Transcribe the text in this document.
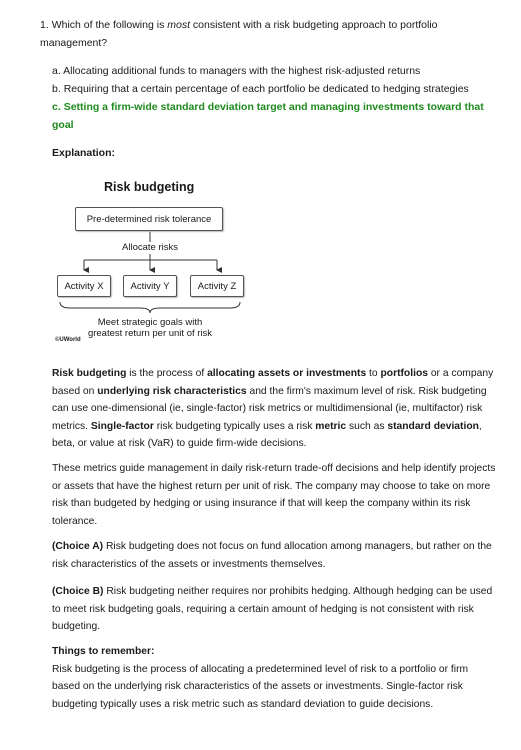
1. Which of the following is most consistent with a risk budgeting approach to portfolio management?

a. Allocating additional funds to managers with the highest risk-adjusted returns

b. Requiring that a certain percentage of each portfolio be dedicated to hedging strategies

c. Setting a firm-wide standard deviation target and managing investments toward that goal

Explanation:
Risk budgeting
Pre-determined risk tolerance
Allocate risks
Activity X	Activity Y	Activity Z
Meet strategic goals with
greatest return per unit of risk
©UWorld
Risk budgeting is the process of allocating assets or investments to portfolios or a company based on underlying risk characteristics and the firm's maximum level of risk. Risk budgeting can use one-dimensional (ie, single-factor) risk metrics or multidimensional (ie, multifactor) risk metrics. Single-factor risk budgeting typically uses a risk metric such as standard deviation, beta, or value at risk (VaR) to guide firm-wide decisions.
These metrics guide management in daily risk-return trade-off decisions and help identify projects or assets that have the highest return per unit of risk. The company may choose to take on more risk than budgeted by hedging or using insurance if that will keep the company within its risk tolerance.
(Choice A) Risk budgeting does not focus on fund allocation among managers, but rather on the risk characteristics of the assets or investments themselves.
(Choice B) Risk budgeting neither requires nor prohibits hedging. Although hedging can be used to meet risk budgeting goals, requiring a certain amount of hedging is not consistent with risk budgeting.
Things to remember:
Risk budgeting is the process of allocating a predetermined level of risk to a portfolio or firm based on the underlying risk characteristics of the assets or investments. Single-factor risk budgeting typically uses a risk metric such as standard deviation to guide decisions.
